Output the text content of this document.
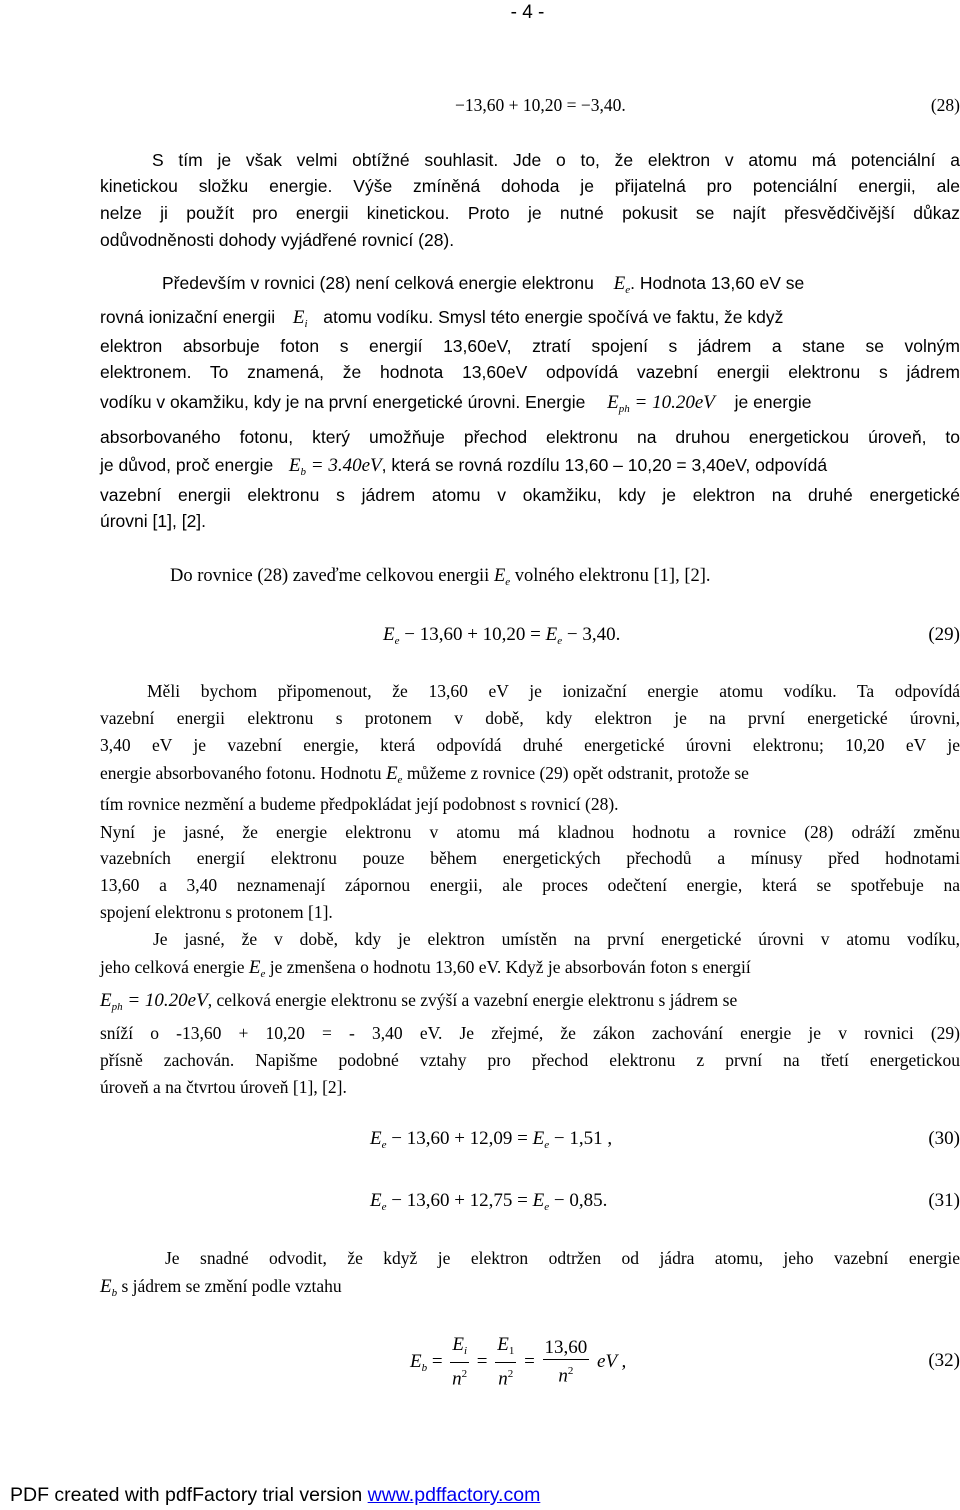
- 4 -
−13,60 + 10,20 = −3,40.	(28)
S tím je však velmi obtížné souhlasit. Jde o to, že elektron v atomu má potenciální a
kinetickou složku energie. Výše zmíněná dohoda je přijatelná pro potenciální energii, ale
nelze ji použít pro energii kinetickou. Proto je nutné pokusit se najít přesvědčivější důkaz
odůvodněnosti dohody vyjádřené rovnicí (28).
Především v rovnici (28) není celková energie elektronu $E_e$. Hodnota 13,60 eV se
rovná ionizační energii $E_i$ atomu vodíku. Smysl této energie spočívá ve faktu, že když
elektron absorbuje foton s energií 13,60eV, ztratí spojení s jádrem a stane se volným
elektronem. To znamená, že hodnota 13,60eV odpovídá vazební energii elektronu s jádrem
vodíku v okamžiku, kdy je na první energetické úrovni. Energie $E_{ph} = 10.20eV$ je energie
absorbovaného fotonu, který umožňuje přechod elektronu na druhou energetickou úroveň, to
je důvod, proč energie $E_b = 3.40eV$, která se rovná rozdílu 13,60 – 10,20 = 3,40eV, odpovídá
vazební energii elektronu s jádrem atomu v okamžiku, kdy je elektron na druhé energetické
úrovni [1], [2].
Do rovnice (28) zaveďme celkovou energii $E_e$ volného elektronu [1], [2].
$E_e - 13,60 + 10,20 = E_e - 3,40$.	(29)
Měli bychom připomenout, že 13,60 eV je ionizační energie atomu vodíku. Ta odpovídá
vazební energii elektronu s protonem v době, kdy elektron je na první energetické úrovni,
3,40 eV je vazební energie, která odpovídá druhé energetické úrovni elektronu; 10,20 eV je
energie absorbovaného fotonu. Hodnotu $E_e$ můžeme z rovnice (29) opět odstranit, protože se
tím rovnice nezmění a budeme předpokládat její podobnost s rovnicí (28).
Nyní je jasné, že energie elektronu v atomu má kladnou hodnotu a rovnice (28) odráží změnu
vazebních energií elektronu pouze během energetických přechodů a mínusy před hodnotami
13,60 a 3,40 neznamenají zápornou energii, ale proces odečtení energie, která se spotřebuje na
spojení elektronu s protonem [1].
Je jasné, že v době, kdy je elektron umístěn na první energetické úrovni v atomu vodíku,
jeho celková energie $E_e$ je zmenšena o hodnotu 13,60 eV. Když je absorbován foton s energií
$E_{ph} = 10.20eV$, celková energie elektronu se zvýší a vazební energie elektronu s jádrem se
sníží o -13,60 + 10,20 = - 3,40 eV. Je zřejmé, že zákon zachování energie je v rovnici (29)
přísně zachován. Napišme podobné vztahy pro přechod elektronu z první na třetí energetickou
úroveň a na čtvrtou úroveň [1], [2].
$E_e - 13,60 + 12,09 = E_e - 1,51$ ,	(30)
$E_e - 13,60 + 12,75 = E_e - 0,85$.	(31)
Je snadné odvodit, že když je elektron odtržen od jádra atomu, jeho vazební energie
$E_b$ s jádrem se změní podle vztahu
$E_b = \frac{E_i}{n^2} = \frac{E_1}{n^2} = \frac{13,60}{n^2}$ eV ,	(32)
PDF created with pdfFactory trial version www.pdffactory.com
